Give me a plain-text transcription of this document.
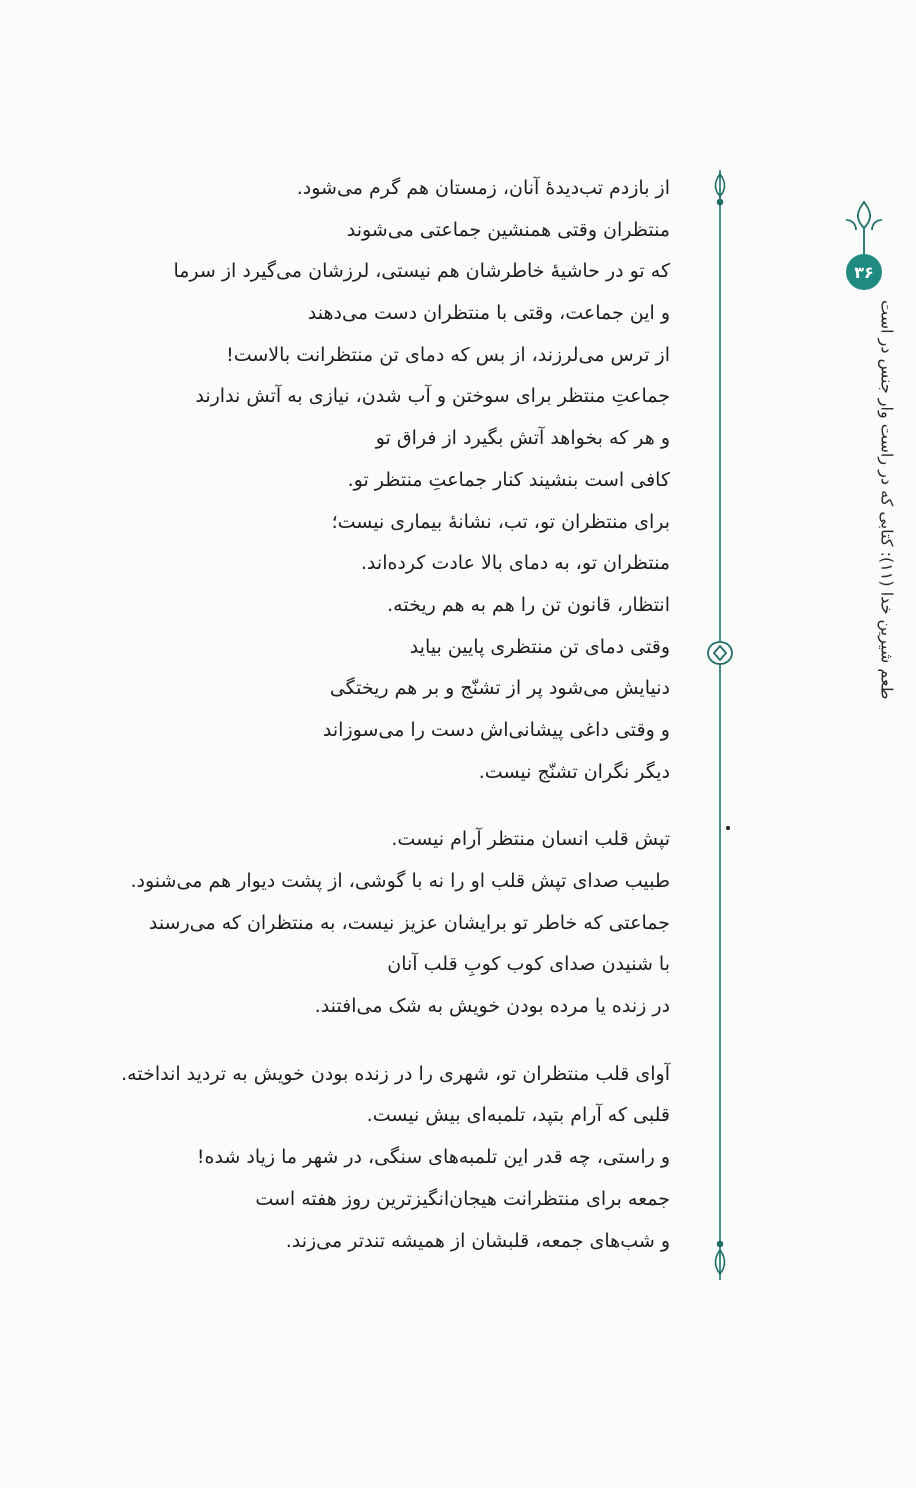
از بازدم تب‌دیدهٔ آنان، زمستان هم گرم می‌شود.
منتظران وقتی همنشین جماعتی می‌شوند
که تو در حاشیهٔ خاطرشان هم نیستی، لرزشان می‌گیرد از سرما
و این جماعت، وقتی با منتظران دست می‌دهند
از ترس می‌لرزند، از بس که دمای تن منتظرانت بالاست!
جماعتِ منتظر برای سوختن و آب شدن، نیازی به آتش ندارند
و هر که بخواهد آتش بگیرد از فراق تو
کافی است بنشیند کنار جماعتِ منتظر تو.
برای منتظران تو، تب، نشانهٔ بیماری نیست؛
منتظران تو، به دمای بالا عادت کرده‌اند.
انتظار، قانون تن را هم به هم ریخته.
وقتی دمای تن منتظری پایین بیاید
دنیایش می‌شود پر از تشنّج و بر هم ریختگی
و وقتی داغی پیشانی‌اش دست را می‌سوزاند
دیگر نگران تشنّج نیست.
تپش قلب انسان منتظر آرام نیست.
طبیب صدای تپش قلب او را نه با گوشی، از پشت دیوار هم می‌شنود.
جماعتی که خاطر تو برایشان عزیز نیست، به منتظران که می‌رسند
با شنیدن صدای کوب کوبِ قلب آنان
در زنده یا مرده بودن خویش به شک می‌افتند.
آوای قلب منتظران تو، شهری را در زنده بودن خویش به تردید انداخته.
قلبی که آرام بتپد، تلمبه‌ای بیش نیست.
و راستی، چه قدر این تلمبه‌های سنگی، در شهر ما زیاد شده!
جمعه برای منتظرانت هیجان‌انگیزترین روز هفته است
و شب‌های جمعه، قلبشان از همیشه تندتر می‌زند.
۳۶
طعم شیرین خدا (۱۱): کتابی که در راست وار جنس در است
